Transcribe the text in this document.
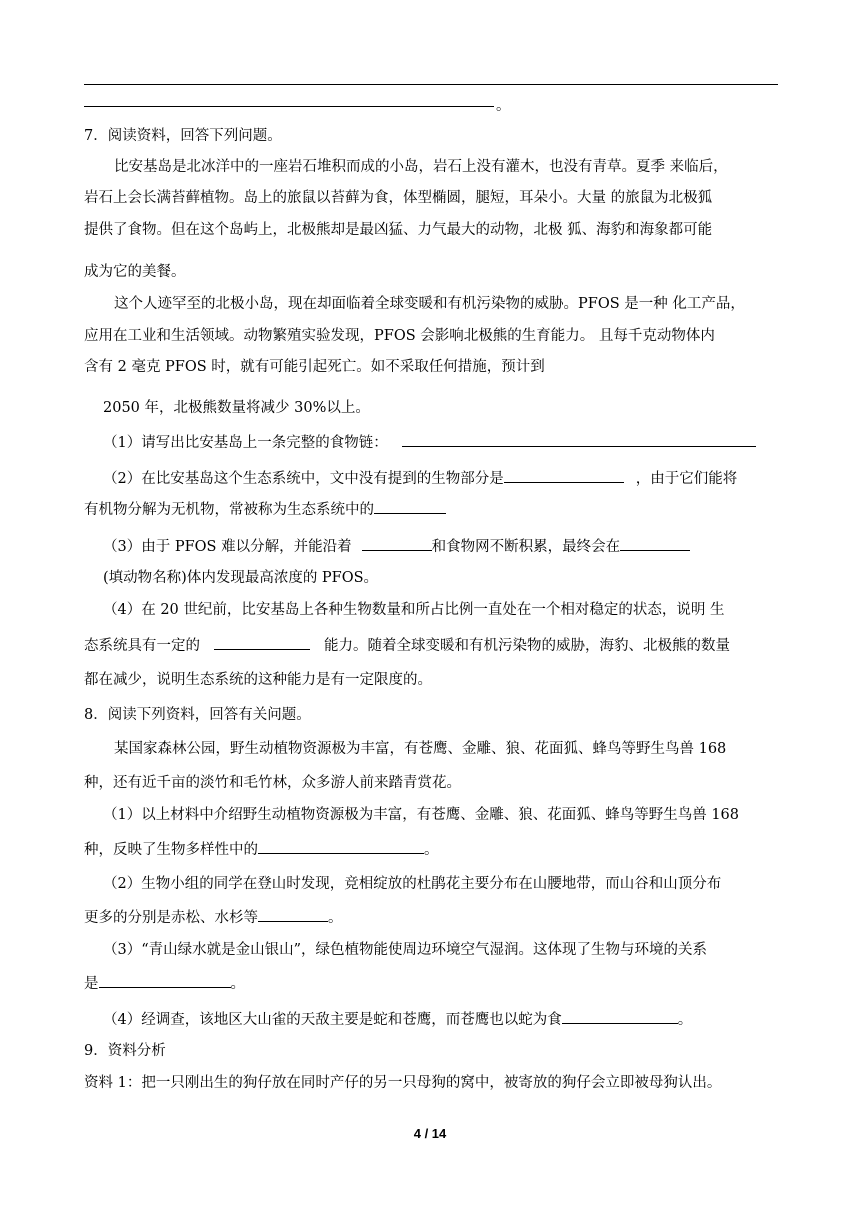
。
7．阅读资料，回答下列问题。
比安基岛是北冰洋中的一座岩石堆积而成的小岛，岩石上没有灌木，也没有青草。夏季 来临后，
岩石上会长满苔藓植物。岛上的旅鼠以苔藓为食，体型椭圆，腿短，耳朵小。大量 的旅鼠为北极狐
提供了食物。但在这个岛屿上，北极熊却是最凶猛、力气最大的动物，北极 狐、海豹和海象都可能
成为它的美餐。
这个人迹罕至的北极小岛，现在却面临着全球变暖和有机污染物的威胁。PFOS 是一种 化工产品，
应用在工业和生活领域。动物繁殖实验发现，PFOS 会影响北极熊的生育能力。 且每千克动物体内
含有 2 毫克 PFOS 时，就有可能引起死亡。如不采取任何措施，预计到
2050 年，北极熊数量将减少 30%以上。
（1）请写出比安基岛上一条完整的食物链：
（2）在比安基岛这个生态系统中，文中没有提到的生物部分是	，由于它们能将
有机物分解为无机物，常被称为生态系统中的
（3）由于 PFOS 难以分解，并能沿着	和食物网不断积累，最终会在
(填动物名称)体内发现最高浓度的 PFOS。
（4）在 20 世纪前，比安基岛上各种生物数量和所占比例一直处在一个相对稳定的状态，说明 生
态系统具有一定的	能力。随着全球变暖和有机污染物的威胁，海豹、北极熊的数量
都在减少，说明生态系统的这种能力是有一定限度的。
8．阅读下列资料，回答有关问题。
某国家森林公园，野生动植物资源极为丰富，有苍鹰、金雕、狼、花面狐、蜂鸟等野生鸟兽 168
种，还有近千亩的淡竹和毛竹林，众多游人前来踏青赏花。
（1）以上材料中介绍野生动植物资源极为丰富，有苍鹰、金雕、狼、花面狐、蜂鸟等野生鸟兽 168
种，反映了生物多样性中的	。
（2）生物小组的同学在登山时发现，竞相绽放的杜鹃花主要分布在山腰地带，而山谷和山顶分布
更多的分别是赤松、水杉等	。
（3）“青山绿水就是金山银山”，绿色植物能使周边环境空气湿润。这体现了生物与环境的关系
是	。
（4）经调查，该地区大山雀的天敌主要是蛇和苍鹰，而苍鹰也以蛇为食	。
9．资料分析
资料 1：把一只刚出生的狗仔放在同时产仔的另一只母狗的窝中，被寄放的狗仔会立即被母狗认出。
4 / 14
